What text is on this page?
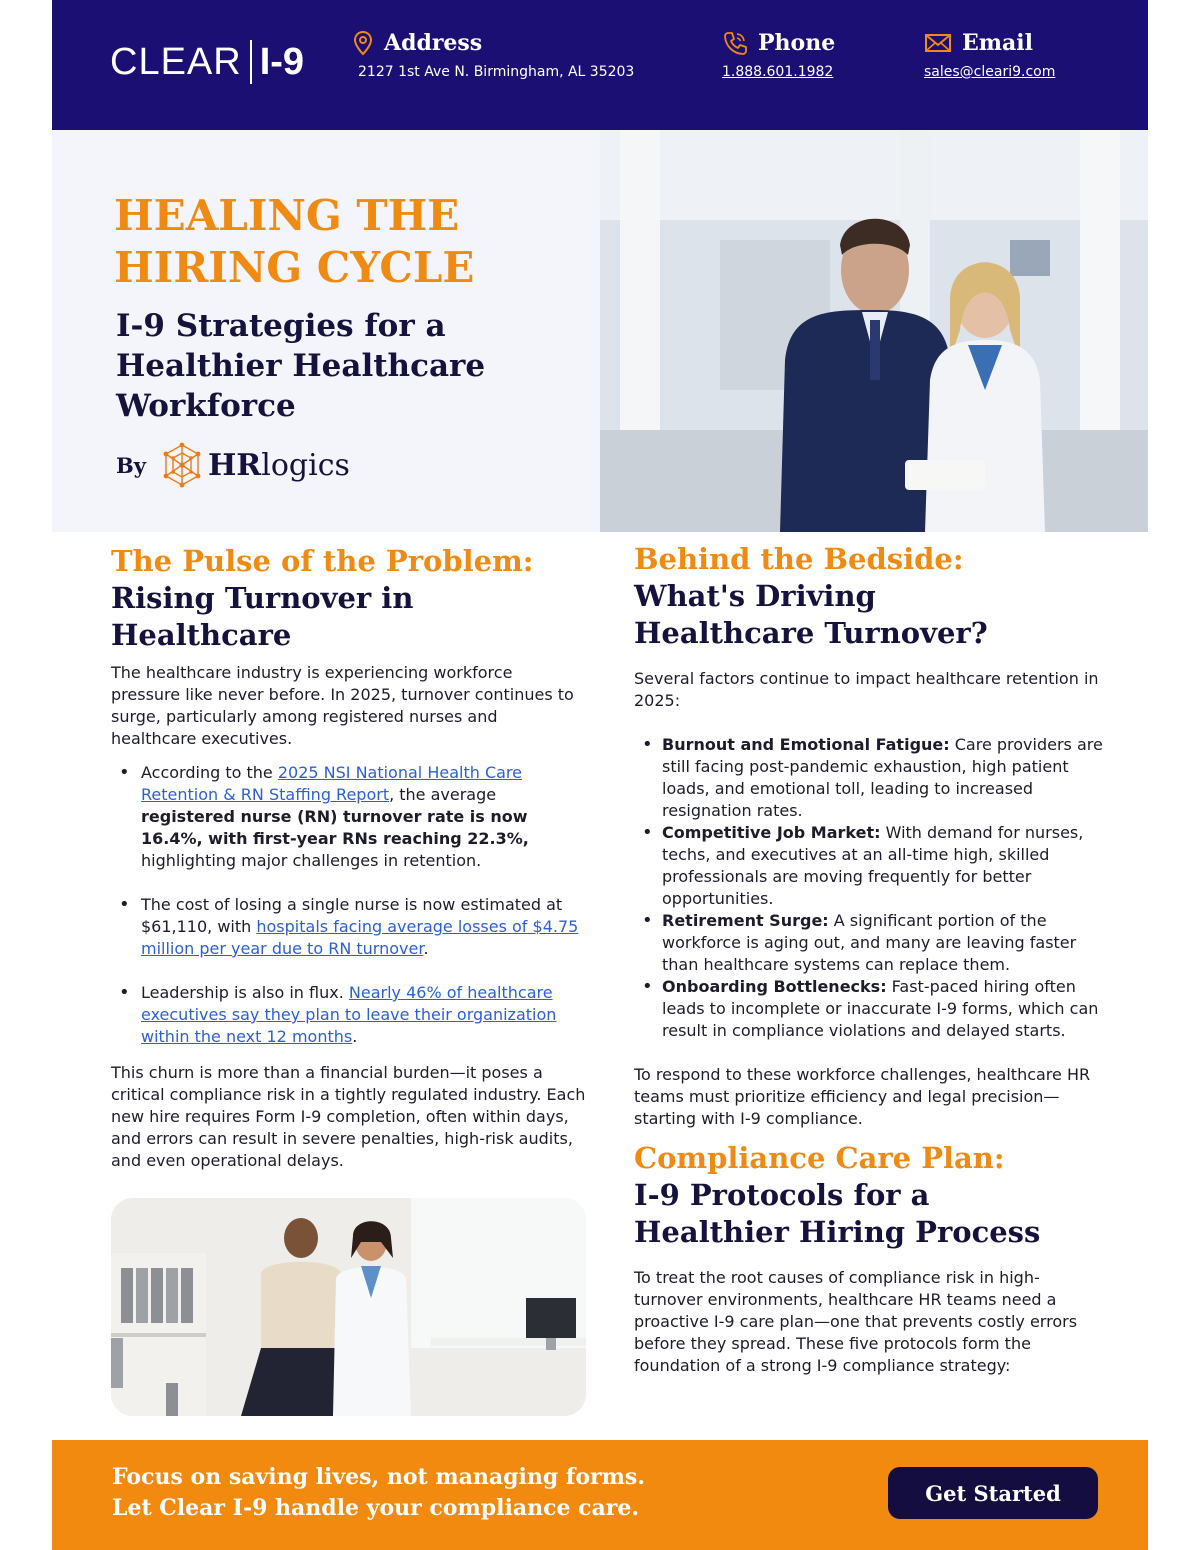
CLEAR I-9	Address
2127 1st Ave N. Birmingham, AL 35203
Phone
1.888.601.1982
Email
sales@cleari9.com
HEALING THE
HIRING CYCLE
I-9 Strategies for a
Healthier Healthcare
Workforce
By HRlogics
The Pulse of the Problem:
Rising Turnover in
Healthcare

The healthcare industry is experiencing workforce pressure like never before. In 2025, turnover continues to surge, particularly among registered nurses and healthcare executives.

• According to the 2025 NSI National Health Care Retention & RN Staffing Report, the average registered nurse (RN) turnover rate is now 16.4%, with first-year RNs reaching 22.3%, highlighting major challenges in retention.
• The cost of losing a single nurse is now estimated at $61,110, with hospitals facing average losses of $4.75 million per year due to RN turnover.
• Leadership is also in flux. Nearly 46% of healthcare executives say they plan to leave their organization within the next 12 months.

This churn is more than a financial burden—it poses a critical compliance risk in a tightly regulated industry. Each new hire requires Form I-9 completion, often within days, and errors can result in severe penalties, high-risk audits, and even operational delays.

Behind the Bedside:
What's Driving
Healthcare Turnover?

Several factors continue to impact healthcare retention in 2025:

• Burnout and Emotional Fatigue: Care providers are still facing post-pandemic exhaustion, high patient loads, and emotional toll, leading to increased resignation rates.
• Competitive Job Market: With demand for nurses, techs, and executives at an all-time high, skilled professionals are moving frequently for better opportunities.
• Retirement Surge: A significant portion of the workforce is aging out, and many are leaving faster than healthcare systems can replace them.
• Onboarding Bottlenecks: Fast-paced hiring often leads to incomplete or inaccurate I-9 forms, which can result in compliance violations and delayed starts.

To respond to these workforce challenges, healthcare HR teams must prioritize efficiency and legal precision—starting with I-9 compliance.

Compliance Care Plan:
I-9 Protocols for a
Healthier Hiring Process

To treat the root causes of compliance risk in high-turnover environments, healthcare HR teams need a proactive I-9 care plan—one that prevents costly errors before they spread. These five protocols form the foundation of a strong I-9 compliance strategy:

Focus on saving lives, not managing forms.
Let Clear I-9 handle your compliance care.
Get Started
